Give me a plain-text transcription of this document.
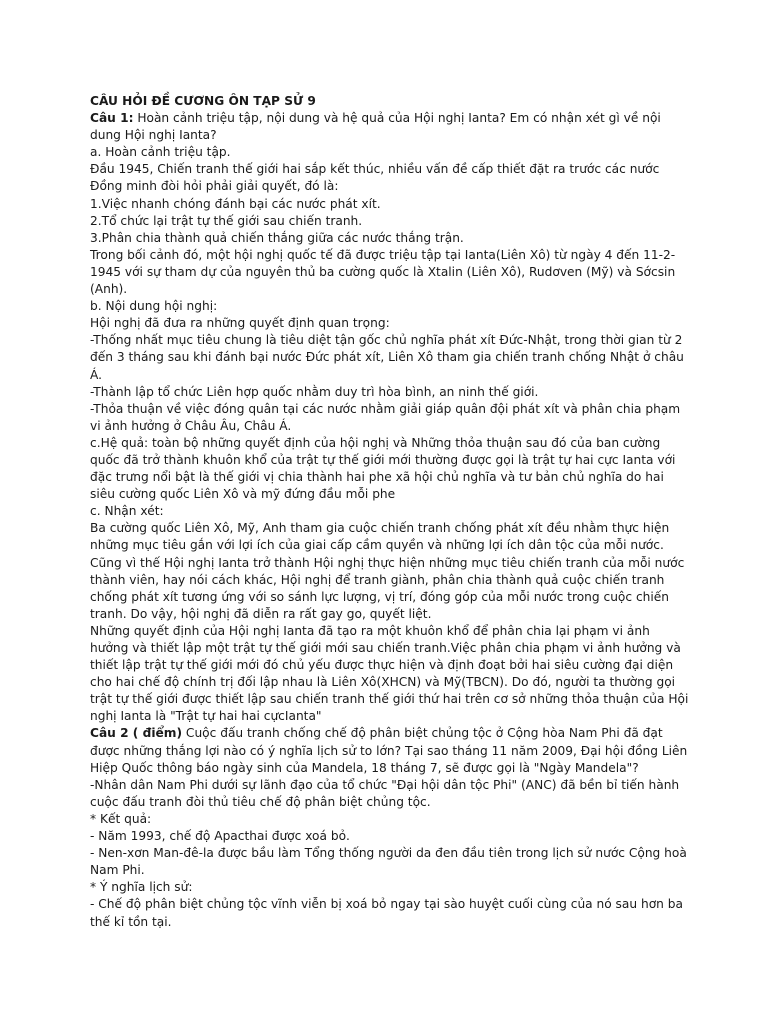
CÂU HỎI ĐỀ CƯƠNG ÔN TẠP SỬ 9

Câu 1: Hoàn cảnh triệu tập, nội dung và hệ quả của Hội nghị Ianta? Em có nhận xét gì về nội dung Hội nghị Ianta?

a. Hoàn cảnh triệu tập.

Đầu 1945, Chiến tranh thế giới hai sắp kết thúc, nhiều vấn đề cấp thiết đặt ra trước các nước Đồng minh đòi hỏi phải giải quyết, đó là:

1.Việc nhanh chóng đánh bại các nước phát xít.

2.Tổ chức lại trật tự thế giới sau chiến tranh.

3.Phân chia thành quả chiến thắng giữa các nước thắng trận.

Trong bối cảnh đó, một hội nghị quốc tế đã được triệu tập tại Ianta(Liên Xô) từ ngày 4 đến 11-2-1945 với sự tham dự của nguyên thủ ba cường quốc là Xtalin (Liên Xô), Rudơven (Mỹ) và Sớcsin (Anh).

b. Nội dung hội nghị:

Hội nghị đã đưa ra những quyết định quan trọng:

-Thống nhất mục tiêu chung là tiêu diệt tận gốc chủ nghĩa phát xít Đức-Nhật, trong thời gian từ 2 đến 3 tháng sau khi đánh bại nước Đức phát xít, Liên Xô tham gia chiến tranh chống Nhật ở châu Á.

-Thành lập tổ chức Liên hợp quốc nhằm duy trì hòa bình, an ninh thế giới.

-Thỏa thuận về việc đóng quân tại các nước nhằm giải giáp quân đội phát xít và phân chia phạm vi ảnh hưởng ở Châu Âu, Châu Á.

c.Hệ quả: toàn bộ những quyết định của hội nghị và Những thỏa thuận sau đó của ban cường quốc đã trở thành khuôn khổ của trật tự thế giới mới thường được gọi là trật tự hai cực Ianta với đặc trưng nổi bật là thế giới vị chia thành hai phe xã hội chủ nghĩa và tư bản chủ nghĩa do hai siêu cường quốc Liên Xô và mỹ đứng đầu mỗi phe

c. Nhận xét:

Ba cường quốc Liên Xô, Mỹ, Anh tham gia cuộc chiến tranh chống phát xít đều nhằm thực hiện những mục tiêu gắn với lợi ích của giai cấp cầm quyền và những lợi ích dân tộc của mỗi nước. Cũng vì thế Hội nghị Ianta trở thành Hội nghị thực hiện những mục tiêu chiến tranh của mỗi nước thành viên, hay nói cách khác, Hội nghị để tranh giành, phân chia thành quả cuộc chiến tranh chống phát xít tương ứng với so sánh lực lượng, vị trí, đóng góp của mỗi nước trong cuộc chiến tranh. Do vậy, hội nghị đã diễn ra rất gay go, quyết liệt.

Những quyết định của Hội nghị Ianta đã tạo ra một khuôn khổ để phân chia lại phạm vi ảnh hưởng và thiết lập một trật tự thế giới mới sau chiến tranh.Việc phân chia phạm vi ảnh hưởng và thiết lập trật tự thế giới mới đó chủ yếu được thực hiện và định đoạt bởi hai siêu cường đại diện cho hai chế độ chính trị đối lập nhau là Liên Xô(XHCN) và Mỹ(TBCN). Do đó, người ta thường gọi trật tự thế giới được thiết lập sau chiến tranh thế giới thứ hai trên cơ sở những thỏa thuận của Hội nghị Ianta là "Trật tự hai hai cựcIanta"

Câu 2 ( điểm) Cuộc đấu tranh chống chế độ phân biệt chủng tộc ở Cộng hòa Nam Phi đã đạt được những thắng lợi nào có ý nghĩa lịch sử to lớn? Tại sao tháng 11 năm 2009, Đại hội đồng Liên Hiệp Quốc thông báo ngày sinh của Mandela, 18 tháng 7, sẽ được gọi là "Ngày Mandela"?

-Nhân dân Nam Phi dưới sự lãnh đạo của tổ chức "Đại hội dân tộc Phi" (ANC) đã bền bỉ tiến hành cuộc đấu tranh đòi thủ tiêu chế độ phân biệt chủng tộc.

* Kết quả:

- Năm 1993, chế độ Apacthai được xoá bỏ.

- Nen-xơn Man-đê-la được bầu làm Tổng thống người da đen đầu tiên trong lịch sử nước Cộng hoà Nam Phi.

* Ý nghĩa lịch sử:

- Chế độ phân biệt chủng tộc vĩnh viễn bị xoá bỏ ngay tại sào huyệt cuối cùng của nó sau hơn ba thế kỉ tồn tại.
